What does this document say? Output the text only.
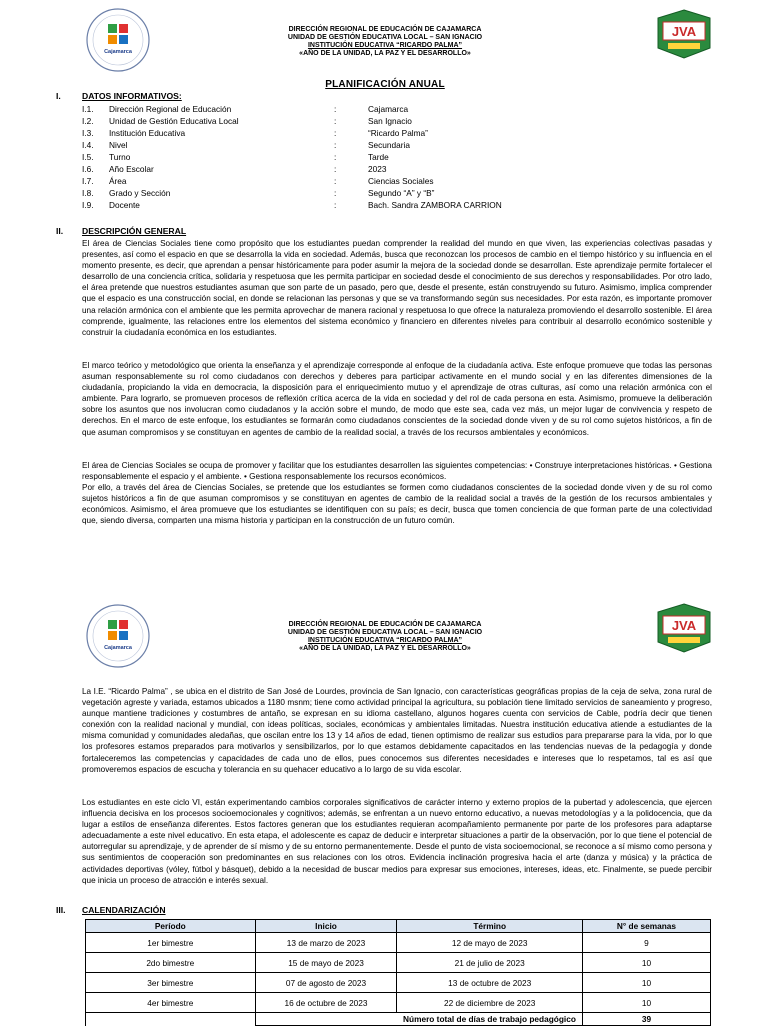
Cajamarca
JVA
DIRECCIÓN REGIONAL DE EDUCACIÓN DE CAJAMARCA
UNIDAD DE GESTIÓN EDUCATIVA LOCAL – SAN IGNACIO
INSTITUCIÓN EDUCATIVA “RICARDO PALMA”
«AÑO DE LA UNIDAD, LA PAZ Y EL DESARROLLO»
PLANIFICACIÓN ANUAL
I. DATOS INFORMATIVOS:
I.1. Dirección Regional de Educación	:	Cajamarca
I.2. Unidad de Gestión Educativa Local	:	San Ignacio
I.3. Institución Educativa	:	“Ricardo Palma”
I.4. Nivel	:	Secundaria
I.5. Turno	:	Tarde
I.6. Año Escolar	:	2023
I.7. Área	:	Ciencias Sociales
I.8. Grado y Sección	:	Segundo “A” y “B”
I.9. Docente	:	Bach. Sandra ZAMBORA CARRION
II. DESCRIPCIÓN GENERAL

El área de Ciencias Sociales tiene como propósito que los estudiantes puedan comprender la realidad del mundo en que viven, las experiencias colectivas pasadas y presentes, así como el espacio en que se desarrolla la vida en sociedad. Además, busca que reconozcan los procesos de cambio en el tiempo histórico y su influencia en el momento presente, es decir, que aprendan a pensar históricamente para poder asumir la mejora de la sociedad donde se desarrollan. Este aprendizaje permite fortalecer el desarrollo de una conciencia crítica, solidaria y respetuosa que les permita participar en sociedad desde el conocimiento de sus derechos y responsabilidades. Por otro lado, el área pretende que nuestros estudiantes asuman que son parte de un pasado, pero que, desde el presente, están construyendo su futuro. Asimismo, implica comprender que el espacio es una construcción social, en donde se relacionan las personas y que se va transformando según sus necesidades. Por esta razón, es importante promover una relación armónica con el ambiente que les permita aprovechar de manera racional y respetuosa lo que ofrece la naturaleza promoviendo el desarrollo sostenible. El área comprende, igualmente, las relaciones entre los elementos del sistema económico y financiero en diferentes niveles para contribuir al desarrollo económico sostenible y construir la ciudadanía económica en los estudiantes.

El marco teórico y metodológico que orienta la enseñanza y el aprendizaje corresponde al enfoque de la ciudadanía activa. Este enfoque promueve que todas las personas asuman responsablemente su rol como ciudadanos con derechos y deberes para participar activamente en el mundo social y en las diferentes dimensiones de la ciudadanía, propiciando la vida en democracia, la disposición para el enriquecimiento mutuo y el aprendizaje de otras culturas, así como una relación armónica con el ambiente. Para lograrlo, se promueven procesos de reflexión crítica acerca de la vida en sociedad y del rol de cada persona en esta. Asimismo, promueve la deliberación sobre los asuntos que nos involucran como ciudadanos y la acción sobre el mundo, de modo que este sea, cada vez más, un mejor lugar de convivencia y respeto de derechos. En el marco de este enfoque, los estudiantes se formarán como ciudadanos conscientes de la sociedad donde viven y de su rol como sujetos históricos, a fin de que asuman compromisos y se constituyan en agentes de cambio de la realidad social, a través de los recursos ambientales y económicos.

El área de Ciencias Sociales se ocupa de promover y facilitar que los estudiantes desarrollen las siguientes competencias: • Construye interpretaciones históricas. • Gestiona responsablemente el espacio y el ambiente. • Gestiona responsablemente los recursos económicos.

Por ello, a través del área de Ciencias Sociales, se pretende que los estudiantes se formen como ciudadanos conscientes de la sociedad donde viven y de su rol como sujetos históricos a fin de que asuman compromisos y se constituyan en agentes de cambio de la realidad social a través de la gestión de los recursos ambientales y económicos. Asimismo, el área promueve que los estudiantes se identifiquen con su país; es decir, busca que tomen conciencia de que forman parte de una colectividad que, siendo diversa, comparten una misma historia y participan en la construcción de un futuro común.

Cajamarca
JVA
DIRECCIÓN REGIONAL DE EDUCACIÓN DE CAJAMARCA
UNIDAD DE GESTIÓN EDUCATIVA LOCAL – SAN IGNACIO
INSTITUCIÓN EDUCATIVA “RICARDO PALMA”
«AÑO DE LA UNIDAD, LA PAZ Y EL DESARROLLO»

La I.E. “Ricardo Palma” , se ubica en el distrito de San José de Lourdes, provincia de San Ignacio, con características geográficas propias de la ceja de selva, zona rural de vegetación agreste y variada, estamos ubicados a 1180 msnm; tiene como actividad principal la agricultura, su población tiene limitado servicios de saneamiento y progreso, aunque mantiene tradiciones y costumbres de antaño, se expresan en su idioma castellano, algunos hogares cuenta con servicios de Cable, podría decir que tienen conexión con la realidad nacional y mundial, con ideas políticas, sociales, económicas y ambientales limitadas. Nuestra institución educativa atiende a estudiantes de la misma comunidad y comunidades aledañas, que oscilan entre los 13 y 14 años de edad, tienen optimismo de realizar sus estudios para prepararse para la vida, por lo que los profesores estamos preparados para motivarlos y sensibilizarlos, por lo que estamos debidamente capacitados en las tendencias nuevas de la pedagogía y donde fortaleceremos las competencias y capacidades de cada uno de ellos, pues conocemos sus diferentes necesidades e intereses que lo respetamos, tal es así que promoveremos espacios de escucha y tolerancia en su quehacer educativo a lo largo de su vida escolar.

Los estudiantes en este ciclo VI, están experimentando cambios corporales significativos de carácter interno y externo propios de la pubertad y adolescencia, que ejercen influencia decisiva en los procesos socioemocionales y cognitivos; además, se enfrentan a un nuevo entorno educativo, a nuevas metodologías y a la polidocencia, que da lugar a estilos de enseñanza diferentes. Estos factores generan que los estudiantes requieran acompañamiento permanente por parte de los profesores para adaptarse adecuadamente a este nivel educativo. En esta etapa, el adolescente es capaz de deducir e interpretar situaciones a partir de la observación, por lo que tiene el potencial de autorregular su aprendizaje, y de aprender de sí mismo y de su entorno permanentemente. Desde el punto de vista socioemocional, se reconoce a sí mismo como persona y sus sentimientos de cooperación son predominantes en sus relaciones con los otros. Evidencia inclinación progresiva hacia el arte (danza y música) y la práctica de actividades deportivas (vóley, fútbol y básquet), debido a la necesidad de buscar medios para expresar sus emociones, intereses, ideas, etc. Finalmente, se puede percibir que inicia un proceso de atracción e interés sexual.

III. CALENDARIZACIÓN
Período	Inicio	Término	N° de semanas
1er bimestre	13 de marzo de 2023	12 de mayo de 2023	9
2do bimestre	15 de mayo de 2023	21 de julio de 2023	10
3er bimestre	07 de agosto de 2023	13 de octubre de 2023	10
4er bimestre	16 de octubre de 2023	22 de diciembre de 2023	10
	Número total de días de trabajo pedagógico		39
